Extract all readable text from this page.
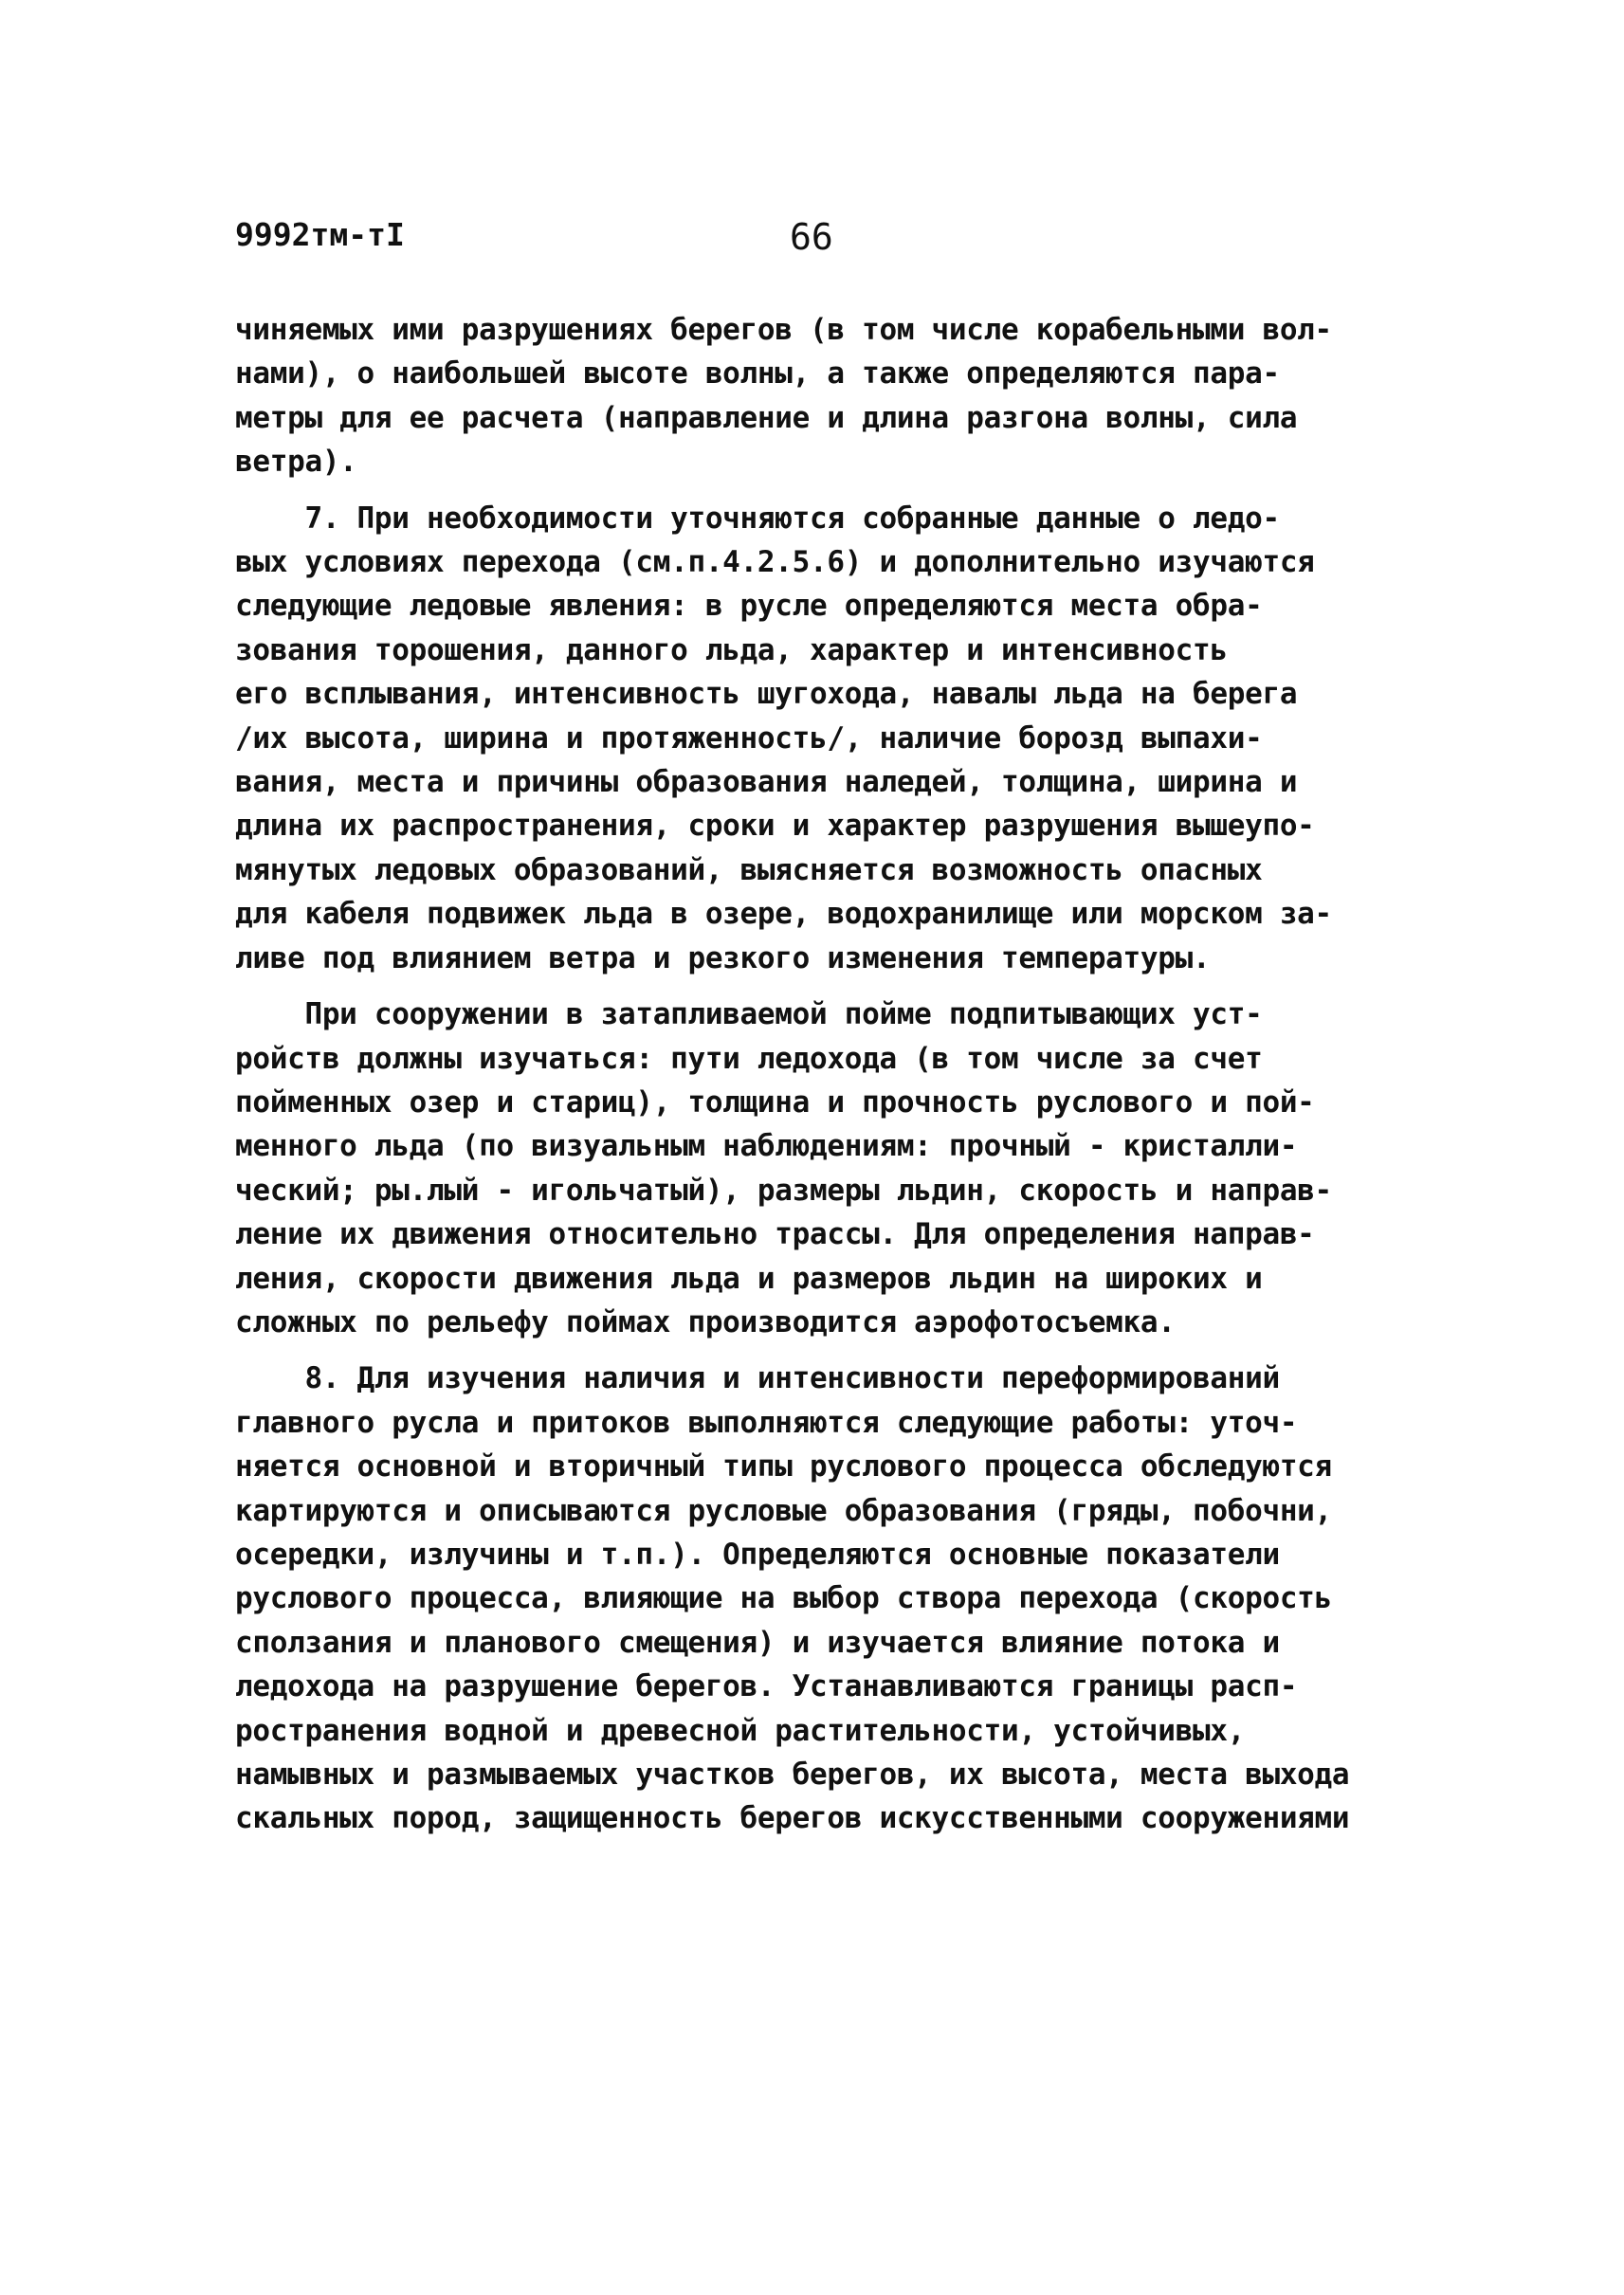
9992тм-тI	66
чиняемых ими разрушениях берегов (в том числе корабельными вол-
нами), о наибольшей высоте волны, а также определяются пара-
метры для ее расчета (направление и длина разгона волны, сила
ветра).
7. При необходимости уточняются собранные данные о ледо-
вых условиях перехода (см.п.4.2.5.6) и дополнительно изучаются
следующие ледовые явления: в русле определяются места обра-
зования торошения, данного льда, характер и интенсивность
его всплывания, интенсивность шугохода, навалы льда на берега
/их высота, ширина и протяженность/, наличие борозд выпахи-
вания, места и причины образования наледей, толщина, ширина и
длина их распространения, сроки и характер разрушения вышеупо-
мянутых ледовых образований, выясняется возможность опасных
для кабеля подвижек льда в озере, водохранилище или морском за-
ливе под влиянием ветра и резкого изменения температуры.
При сооружении в затапливаемой пойме подпитывающих уст-
ройств должны изучаться: пути ледохода (в том числе за счет
пойменных озер и стариц), толщина и прочность руслового и пой-
менного льда (по визуальным наблюдениям: прочный - кристалли-
ческий; ры.лый - игольчатый), размеры льдин, скорость и направ-
ление их движения относительно трассы. Для определения направ-
ления, скорости движения льда и размеров льдин на широких и
сложных по рельефу поймах производится аэрофотосъемка.
8. Для изучения наличия и интенсивности переформирований
главного русла и притоков выполняются следующие работы: уточ-
няется основной и вторичный типы руслового процесса обследуются
картируются и описываются русловые образования (гряды, побочни,
осередки, излучины и т.п.). Определяются основные показатели
руслового процесса, влияющие на выбор створа перехода (скорость
сползания и планового смещения) и изучается влияние потока и
ледохода на разрушение берегов. Устанавливаются границы расп-
ространения водной и древесной растительности, устойчивых,
намывных и размываемых участков берегов, их высота, места выхода
скальных пород, защищенность берегов искусственными сооружениями
